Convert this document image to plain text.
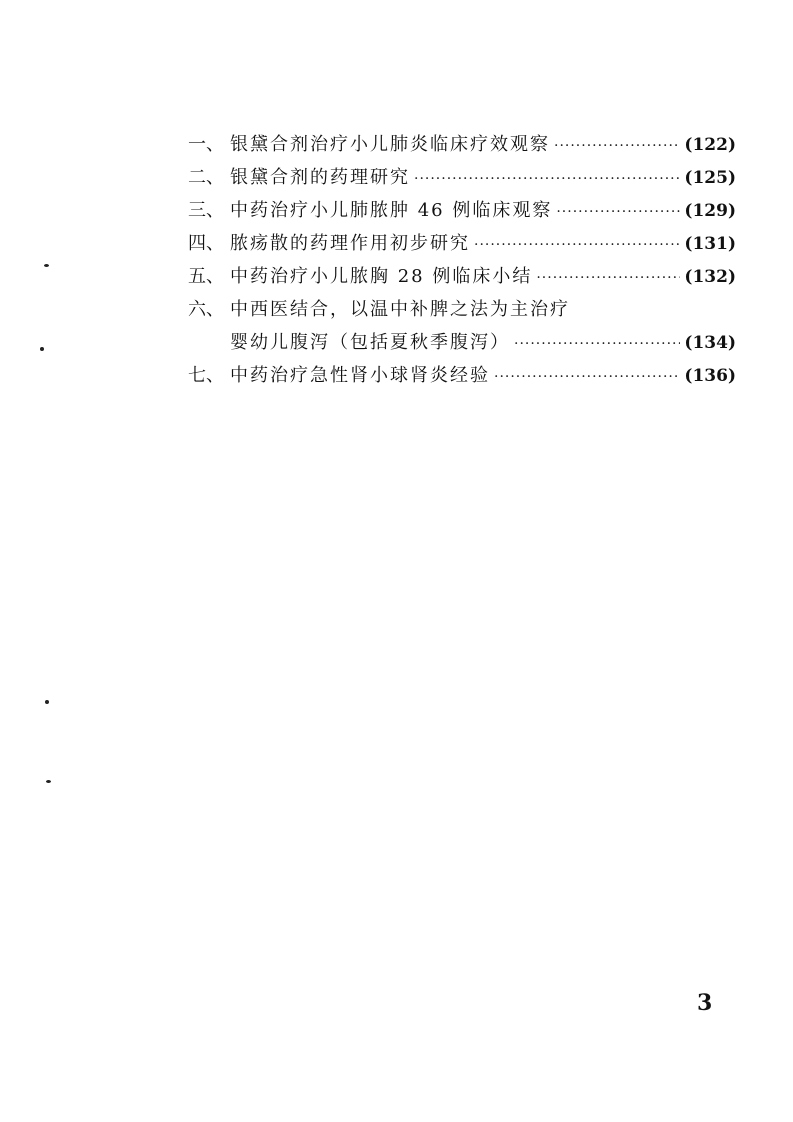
一、 银黛合剂治疗小儿肺炎临床疗效观察 ·····	(122)
二、 银黛合剂的药理研究 ·····	(125)
三、 中药治疗小儿肺脓肿 46 例临床观察 ·····	(129)
四、 脓疡散的药理作用初步研究 ·····	(131)
五、 中药治疗小儿脓胸 28 例临床小结 ·····	(132)
六、 中西医结合，以温中补脾之法为主治疗
婴幼儿腹泻（包括夏秋季腹泻） ·····	(134)
七、 中药治疗急性肾小球肾炎经验 ·····	(136)
3
